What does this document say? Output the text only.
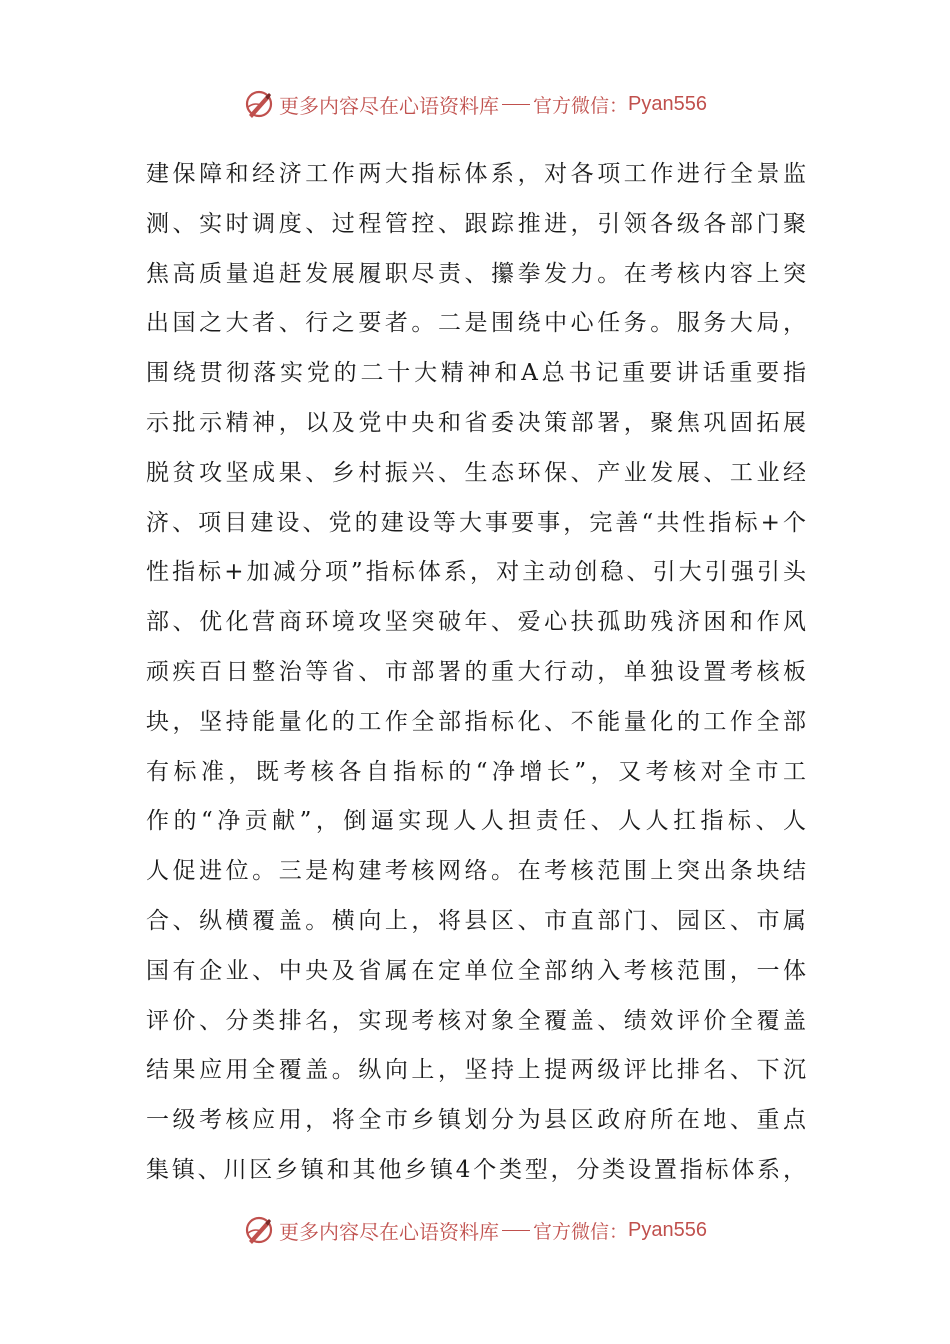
更多内容尽在心语资料库 官方微信： Pyan556
建保障和经济工作两大指标体系，对各项工作进行全景监
测、实时调度、过程管控、跟踪推进，引领各级各部门聚
焦高质量追赶发展履职尽责、攥拳发力。在考核内容上突
出国之大者、行之要者。二是围绕中心任务。服务大局，
围绕贯彻落实党的二十大精神和A总书记重要讲话重要指
示批示精神，以及党中央和省委决策部署，聚焦巩固拓展
脱贫攻坚成果、乡村振兴、生态环保、产业发展、工业经
济、项目建设、党的建设等大事要事，完善“共性指标+个
性指标+加减分项”指标体系，对主动创稳、引大引强引头
部、优化营商环境攻坚突破年、爱心扶孤助残济困和作风
顽疾百日整治等省、市部署的重大行动，单独设置考核板
块，坚持能量化的工作全部指标化、不能量化的工作全部
有标准，既考核各自指标的“净增长”，又考核对全市工
作的“净贡献”，倒逼实现人人担责任、人人扛指标、人
人促进位。三是构建考核网络。在考核范围上突出条块结
合、纵横覆盖。横向上，将县区、市直部门、园区、市属
国有企业、中央及省属在定单位全部纳入考核范围，一体
评价、分类排名，实现考核对象全覆盖、绩效评价全覆盖
结果应用全覆盖。纵向上，坚持上提两级评比排名、下沉
一级考核应用，将全市乡镇划分为县区政府所在地、重点
集镇、川区乡镇和其他乡镇4个类型，分类设置指标体系，
更多内容尽在心语资料库 官方微信： Pyan556
